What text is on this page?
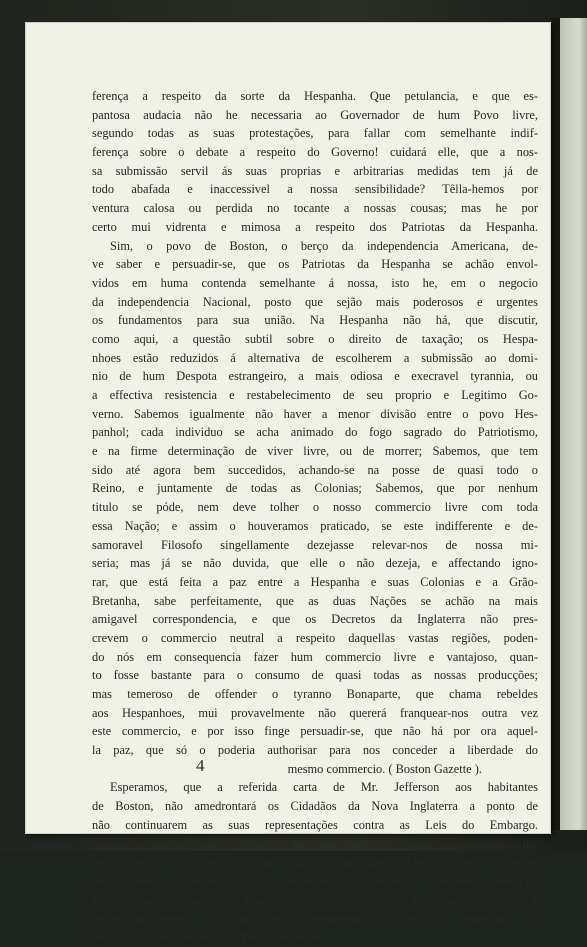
ferença a respeito da sorte da Hespanha. Que petulancia, e que es-
pantosa audacia não he necessaria ao Governador de hum Povo livre,
segundo todas as suas protestações, para fallar com semelhante indif-
ferença sobre o debate a respeito do Governo! cuidará elle, que a nos-
sa submissão servil ás suas proprias e arbitrarias medidas tem já de
todo abafada e inaccessivel a nossa sensibilidade? Têlla-hemos por
ventura calosa ou perdida no tocante a nossas cousas; mas he por
certo mui vidrenta e mimosa a respeito dos Patriotas da Hespanha.
Sim, o povo de Boston, o berço da independencia Americana, de-
ve saber e persuadir-se, que os Patriotas da Hespanha se achão envol-
vidos em huma contenda semelhante á nossa, isto he, em o negocio
da independencia Nacional, posto que sejão mais poderosos e urgentes
os fundamentos para sua união. Na Hespanha não há, que discutir,
como aqui, a questão subtil sobre o direito de taxação; os Hespa-
nhoes estão reduzidos á alternativa de escolherem a submissão ao domi-
nio de hum Despota estrangeiro, a mais odiosa e execravel tyrannia, ou
a effectiva resistencia e restabelecimento de seu proprio e Legitimo Go-
verno. Sabemos igualmente não haver a menor divisão entre o povo Hes-
panhol; cada individuo se acha animado do fogo sagrado do Patriotismo,
e na firme determinação de viver livre, ou de morrer; Sabemos, que tem
sido até agora bem succedidos, achando-se na posse de quasi todo o
Reino, e juntamente de todas as Colonias; Sabemos, que por nenhum
titulo se póde, nem deve tolher o nosso commercio livre com toda
essa Nação; e assim o houveramos praticado, se este indifferente e de-
samoravel Filosofo singellamente dezejasse relevar-nos de nossa mi-
seria; mas já se não duvida, que elle o não dezeja, e affectando igno-
rar, que está feita a paz entre a Hespanha e suas Colonias e a Grão-
Bretanha, sabe perfeitamente, que as duas Nações se achão na mais
amigavel correspondencia, e que os Decretos da Inglaterra não pres-
crevem o commercio neutral a respeito daquellas vastas regiões, poden-
do nós em consequencia fazer hum commercio livre e vantajoso, quan-
to fosse bastante para o consumo de quasi todas as nossas producções;
mas temeroso de offender o tyranno Bonaparte, que chama rebeldes
aos Hespanhoes, mui provavelmente não quererá franquear-nos outra vez
este commercio, e por isso finge persuadir-se, que não há por ora aquel-
la paz, que só o poderia authorisar para nos conceder a liberdade do
mesmo commercio. ( Boston Gazette ).
Esperamos, que a referida carta de Mr. Jefferson aos habitantes
de Boston, não amedrontará os Cidadãos da Nova Inglaterra a ponto de
não continuarem as suas representações contra as Leis do Embargo.
Elles farão o que devem, ainda que Mr. Jefferson execute o que lhe
apraz. Se o voto de 11/12 de toda a população d'America, sobre objectos
de interesse Nacional, fôr despresado, poderemos tambem renunciar
as vantagens, que se julgárão resultar de hum Governo federado, e
tornar ao estado, de que nós gostosamente sahimos, na esperança de
melhorar a condição de nossa Patria commum.
4
